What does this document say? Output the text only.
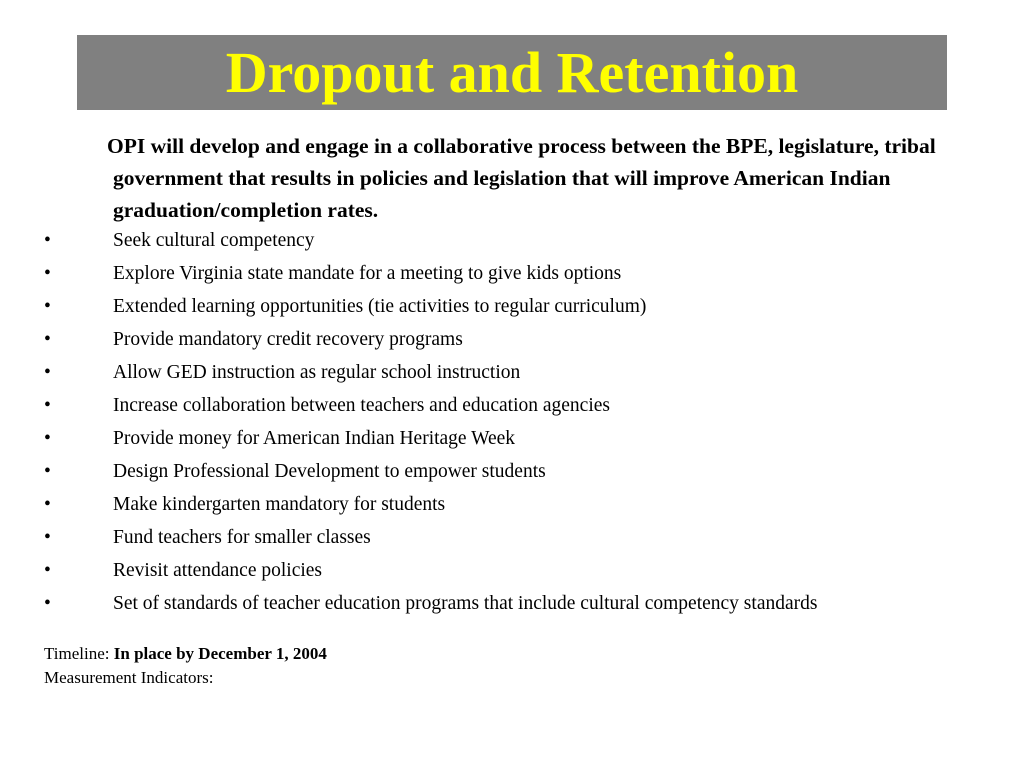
Dropout and Retention

OPI will develop and engage in a collaborative process between the BPE, legislature, tribal government that results in policies and legislation that will improve American Indian graduation/completion rates.

•	Seek cultural competency
•	Explore Virginia state mandate for a meeting to give kids options
•	Extended learning opportunities (tie activities to regular curriculum)
•	Provide mandatory credit recovery programs
•	Allow GED instruction as regular school instruction
•	Increase collaboration between teachers and education agencies
•	Provide money for American Indian Heritage Week
•	Design Professional Development to empower students
•	Make kindergarten mandatory for students
•	Fund teachers for smaller classes
•	Revisit attendance policies
•	Set of standards of teacher education programs that include cultural competency standards
Timeline: In place by December 1, 2004
Measurement Indicators:
